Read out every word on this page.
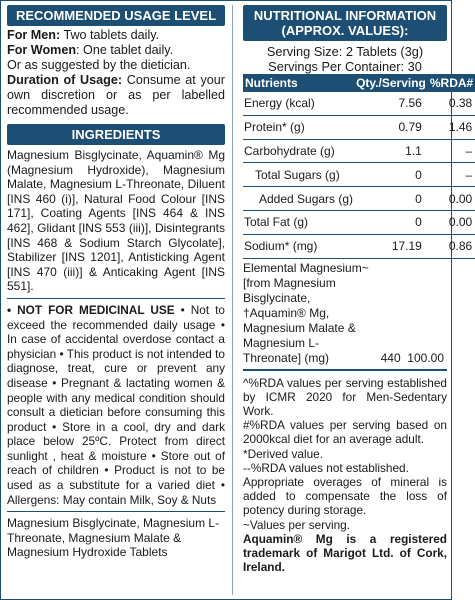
RECOMMENDED USAGE LEVEL
For Men: Two tablets daily.
For Women: One tablet daily.
Or as suggested by the dietician.
Duration of Usage: Consume at your own discretion or as per labelled recommended usage.
INGREDIENTS
Magnesium Bisglycinate, Aquamin® Mg (Magnesium Hydroxide), Magnesium Malate, Magnesium L-Threonate, Diluent [INS 460 (i)], Natural Food Colour [INS 171], Coating Agents [INS 464 & INS 462], Glidant [INS 553 (iii)], Disintegrants [INS 468 & Sodium Starch Glycolate], Stabilizer [INS 1201], Antisticking Agent [INS 470 (iii)] & Anticaking Agent [INS 551].
• NOT FOR MEDICINAL USE • Not to exceed the recommended daily usage • In case of accidental overdose contact a physician • This product is not intended to diagnose, treat, cure or prevent any disease • Pregnant & lactating women & people with any medical condition should consult a dietician before consuming this product • Store in a cool, dry and dark place below 25ºC. Protect from direct sunlight , heat & moisture • Store out of reach of children • Product is not to be used as a substitute for a varied diet • Allergens: May contain Milk, Soy & Nuts
Magnesium Bisglycinate, Magnesium L-Threonate, Magnesium Malate & Magnesium Hydroxide Tablets
NUTRITIONAL INFORMATION
(APPROX. VALUES):
Serving Size: 2 Tablets (3g)
Servings Per Container: 30
Nutrients	Qty./Serving	%RDA#
Energy (kcal)	7.56	0.38
Protein* (g)	0.79	1.46
Carbohydrate (g)	1.1	–
Total Sugars (g)	0	–
Added Sugars (g)	0	0.00
Total Fat (g)	0	0.00
Sodium* (mg)	17.19	0.86
Elemental Magnesium~ [from Magnesium Bisglycinate, †Aquamin® Mg, Magnesium Malate & Magnesium L-Threonate] (mg)	440 100.00
^%RDA values per serving established by ICMR 2020 for Men-Sedentary Work.
#%RDA values per serving based on 2000kcal diet for an average adult.
*Derived value.
--%RDA values not established.
Appropriate overages of mineral is added to compensate the loss of potency during storage.
~Values per serving.
Aquamin® Mg is a registered trademark of Marigot Ltd. of Cork, Ireland.
